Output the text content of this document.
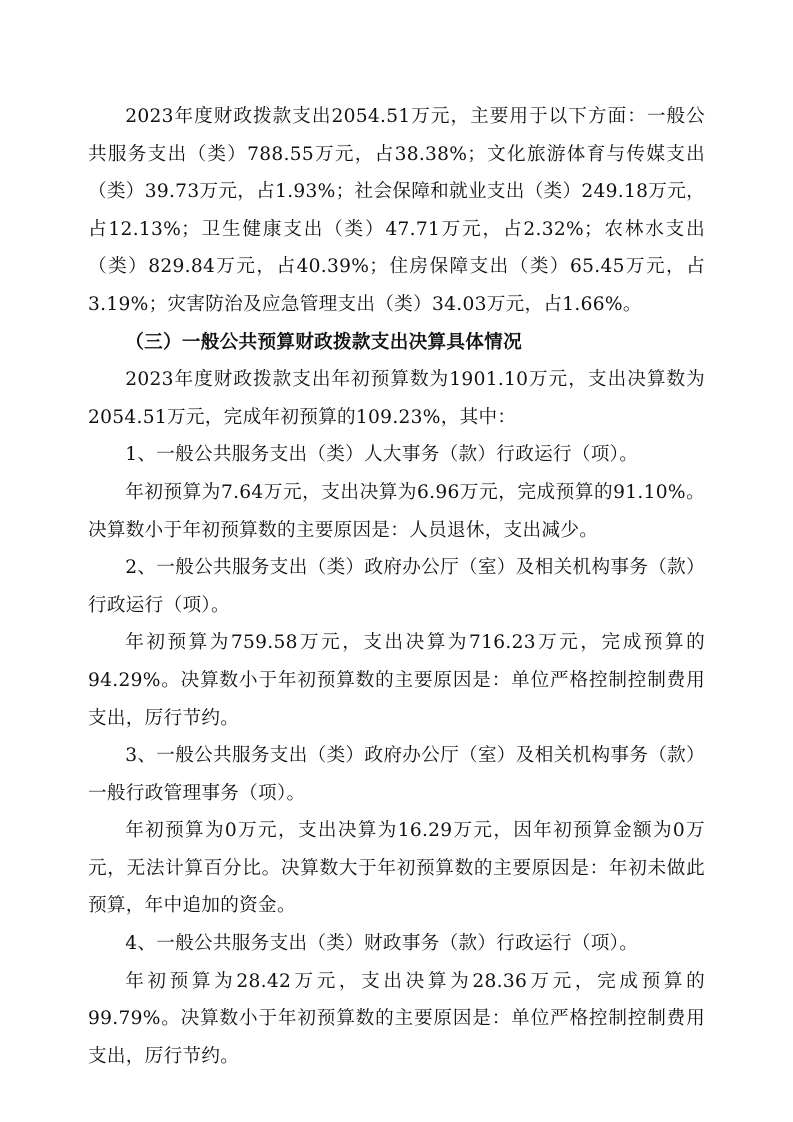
2023年度财政拨款支出2054.51万元，主要用于以下方面：一般公共服务支出（类）788.55万元，占38.38%；文化旅游体育与传媒支出（类）39.73万元，占1.93%；社会保障和就业支出（类）249.18万元，占12.13%；卫生健康支出（类）47.71万元，占2.32%；农林水支出（类）829.84万元，占40.39%；住房保障支出（类）65.45万元，占3.19%；灾害防治及应急管理支出（类）34.03万元，占1.66%。

（三）一般公共预算财政拨款支出决算具体情况

2023年度财政拨款支出年初预算数为1901.10万元，支出决算数为2054.51万元，完成年初预算的109.23%，其中：

1、一般公共服务支出（类）人大事务（款）行政运行（项）。

年初预算为7.64万元，支出决算为6.96万元，完成预算的91.10%。决算数小于年初预算数的主要原因是：人员退休，支出减少。

2、一般公共服务支出（类）政府办公厅（室）及相关机构事务（款）行政运行（项）。

年初预算为759.58万元，支出决算为716.23万元，完成预算的94.29%。决算数小于年初预算数的主要原因是：单位严格控制控制费用支出，厉行节约。

3、一般公共服务支出（类）政府办公厅（室）及相关机构事务（款）一般行政管理事务（项）。

年初预算为0万元，支出决算为16.29万元，因年初预算金额为0万元，无法计算百分比。决算数大于年初预算数的主要原因是：年初未做此预算，年中追加的资金。

4、一般公共服务支出（类）财政事务（款）行政运行（项）。

年初预算为28.42万元，支出决算为28.36万元，完成预算的99.79%。决算数小于年初预算数的主要原因是：单位严格控制控制费用支出，厉行节约。
